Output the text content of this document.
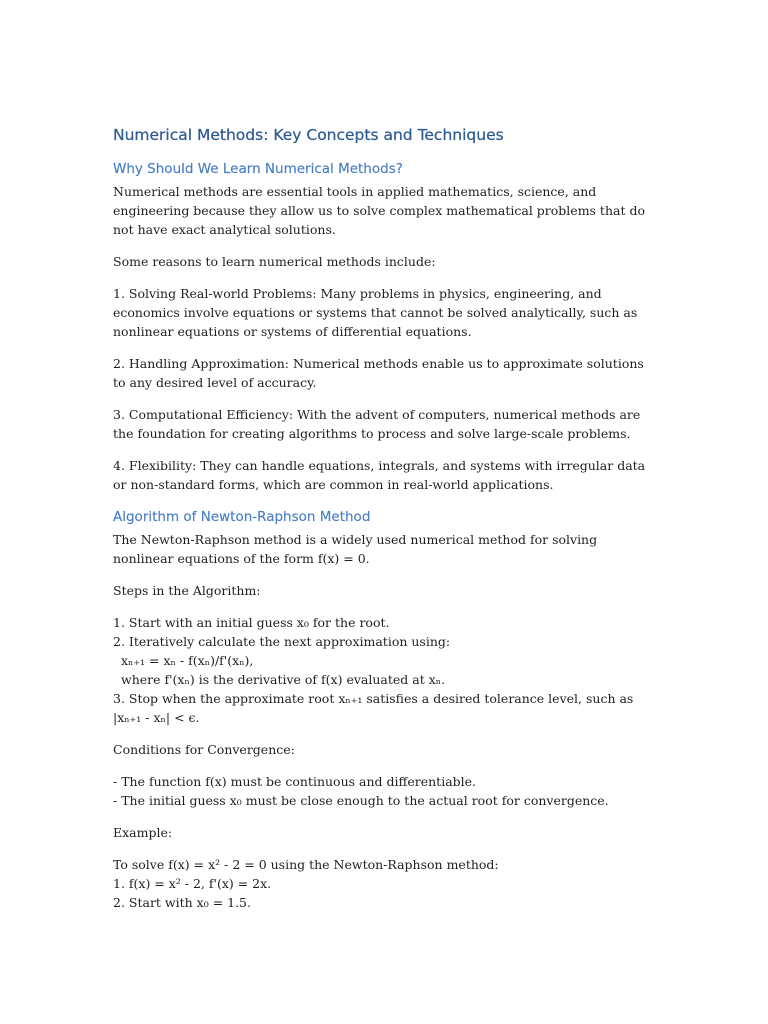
Numerical Methods: Key Concepts and Techniques
Why Should We Learn Numerical Methods?

Numerical methods are essential tools in applied mathematics, science, and engineering because they allow us to solve complex mathematical problems that do not have exact analytical solutions.

Some reasons to learn numerical methods include:

1. Solving Real-world Problems: Many problems in physics, engineering, and economics involve equations or systems that cannot be solved analytically, such as nonlinear equations or systems of differential equations.

2. Handling Approximation: Numerical methods enable us to approximate solutions to any desired level of accuracy.

3. Computational Efficiency: With the advent of computers, numerical methods are the foundation for creating algorithms to process and solve large-scale problems.

4. Flexibility: They can handle equations, integrals, and systems with irregular data or non-standard forms, which are common in real-world applications.

Algorithm of Newton-Raphson Method

The Newton-Raphson method is a widely used numerical method for solving nonlinear equations of the form f(x) = 0.

Steps in the Algorithm:

1. Start with an initial guess x₀ for the root.
2. Iteratively calculate the next approximation using:
xₙ₊₁ = xₙ - f(xₙ)/f'(xₙ),
where f'(xₙ) is the derivative of f(x) evaluated at xₙ.
3. Stop when the approximate root xₙ₊₁ satisfies a desired tolerance level, such as |xₙ₊₁ - xₙ| < ϵ.

Conditions for Convergence:

- The function f(x) must be continuous and differentiable.
- The initial guess x₀ must be close enough to the actual root for convergence.

Example:

To solve f(x) = x² - 2 = 0 using the Newton-Raphson method:
1. f(x) = x² - 2, f'(x) = 2x.
2. Start with x₀ = 1.5.
